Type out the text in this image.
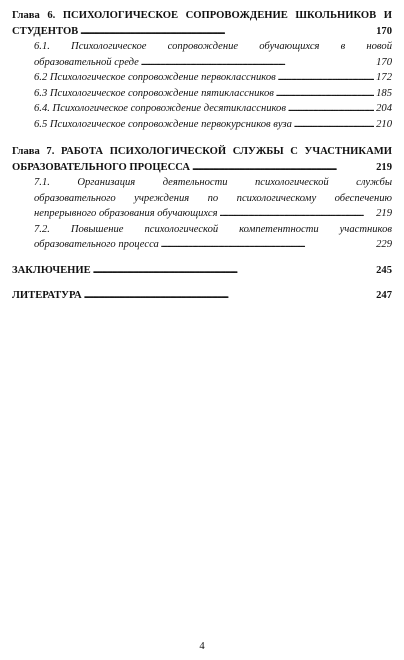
Глава 6. ПСИХОЛОГИЧЕСКОЕ СОПРОВОЖДЕНИЕ ШКОЛЬНИКОВ И
СТУДЕНТОВ . . .	170
6.1. Психологическое сопровождение обучающихся в новой
образовательной среде . . .	170
6.2 Психологическое сопровождение первоклассников . . .	172
6.3 Психологическое сопровождение пятиклассников . . .	185
6.4. Психологическое сопровождение десятиклассников . . .	204
6.5 Психологическое сопровождение первокурсников вуза . . .	210
Глава 7. РАБОТА ПСИХОЛОГИЧЕСКОЙ СЛУЖБЫ С УЧАСТНИКАМИ
ОБРАЗОВАТЕЛЬНОГО ПРОЦЕССА . . .	219
7.1. Организация деятельности психологической службы
образовательного учреждения по психологическому обеспечению
непрерывного образования обучающихся . . .	219
7.2. Повышение психологической компетентности участников
образовательного процесса . . .	229
ЗАКЛЮЧЕНИЕ . . .	245
ЛИТЕРАТУРА . . .	247
4
